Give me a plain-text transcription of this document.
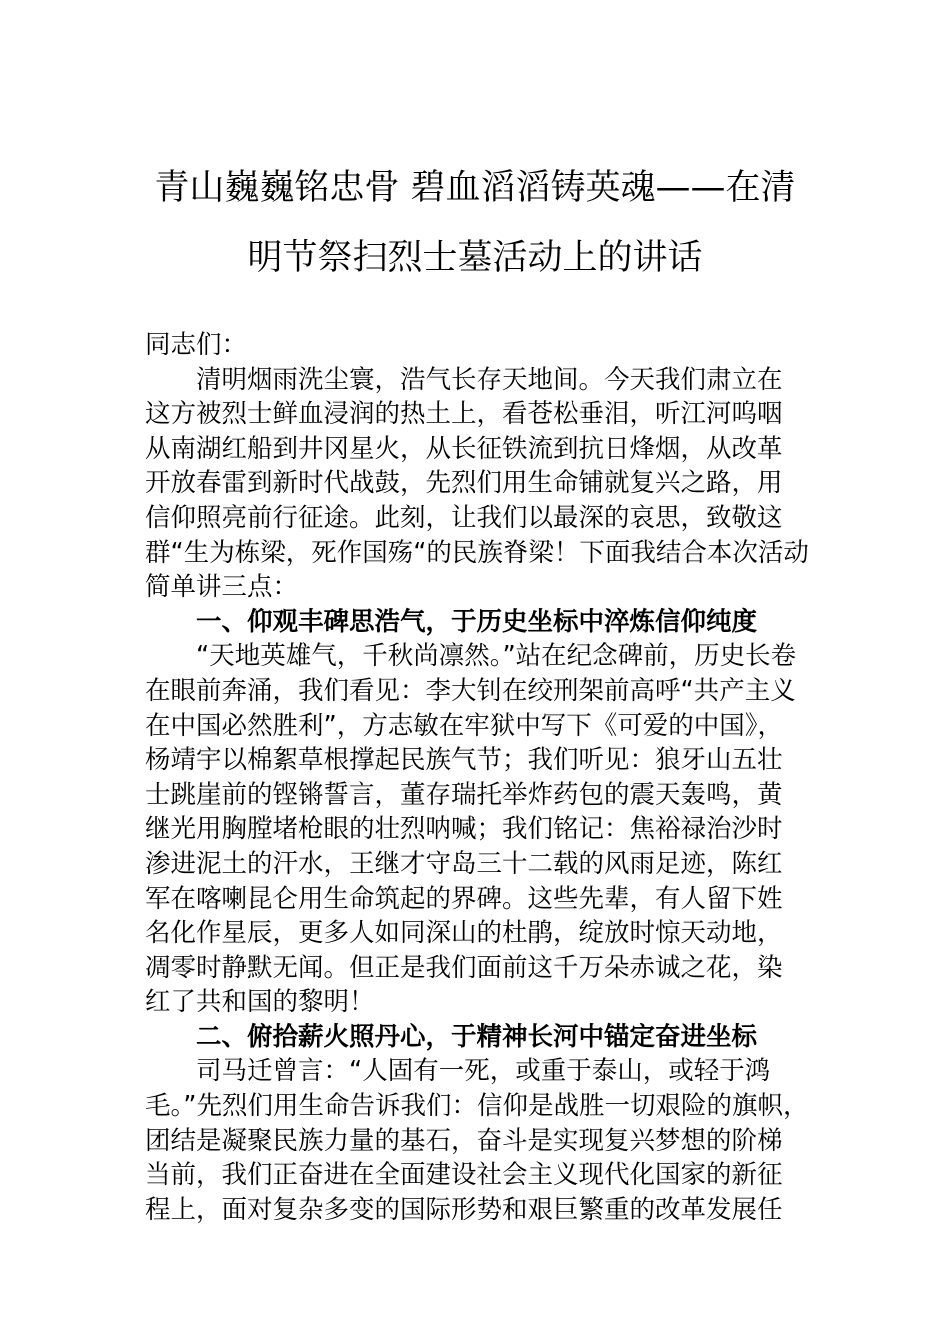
青山巍巍铭忠骨 碧血滔滔铸英魂——在清
明节祭扫烈士墓活动上的讲话
同志们：
清明烟雨洗尘寰，浩气长存天地间。今天我们肃立在
这方被烈士鲜血浸润的热土上，看苍松垂泪，听江河呜咽
从南湖红船到井冈星火，从长征铁流到抗日烽烟，从改革
开放春雷到新时代战鼓，先烈们用生命铺就复兴之路，用
信仰照亮前行征途。此刻，让我们以最深的哀思，致敬这
群“生为栋梁，死作国殇“的民族脊梁！下面我结合本次活动
简单讲三点：
一、仰观丰碑思浩气，于历史坐标中淬炼信仰纯度
“天地英雄气，千秋尚凛然。”站在纪念碑前，历史长卷
在眼前奔涌，我们看见：李大钊在绞刑架前高呼“共产主义
在中国必然胜利”，方志敏在牢狱中写下《可爱的中国》，
杨靖宇以棉絮草根撑起民族气节；我们听见：狼牙山五壮
士跳崖前的铿锵誓言，董存瑞托举炸药包的震天轰鸣，黄
继光用胸膛堵枪眼的壮烈呐喊；我们铭记：焦裕禄治沙时
渗进泥土的汗水，王继才守岛三十二载的风雨足迹，陈红
军在喀喇昆仑用生命筑起的界碑。这些先辈，有人留下姓
名化作星辰，更多人如同深山的杜鹃，绽放时惊天动地，
凋零时静默无闻。但正是我们面前这千万朵赤诚之花，染
红了共和国的黎明！
二、俯拾薪火照丹心，于精神长河中锚定奋进坐标
司马迁曾言：“人固有一死，或重于泰山，或轻于鸿
毛。”先烈们用生命告诉我们：信仰是战胜一切艰险的旗帜，
团结是凝聚民族力量的基石，奋斗是实现复兴梦想的阶梯
当前，我们正奋进在全面建设社会主义现代化国家的新征
程上，面对复杂多变的国际形势和艰巨繁重的改革发展任
